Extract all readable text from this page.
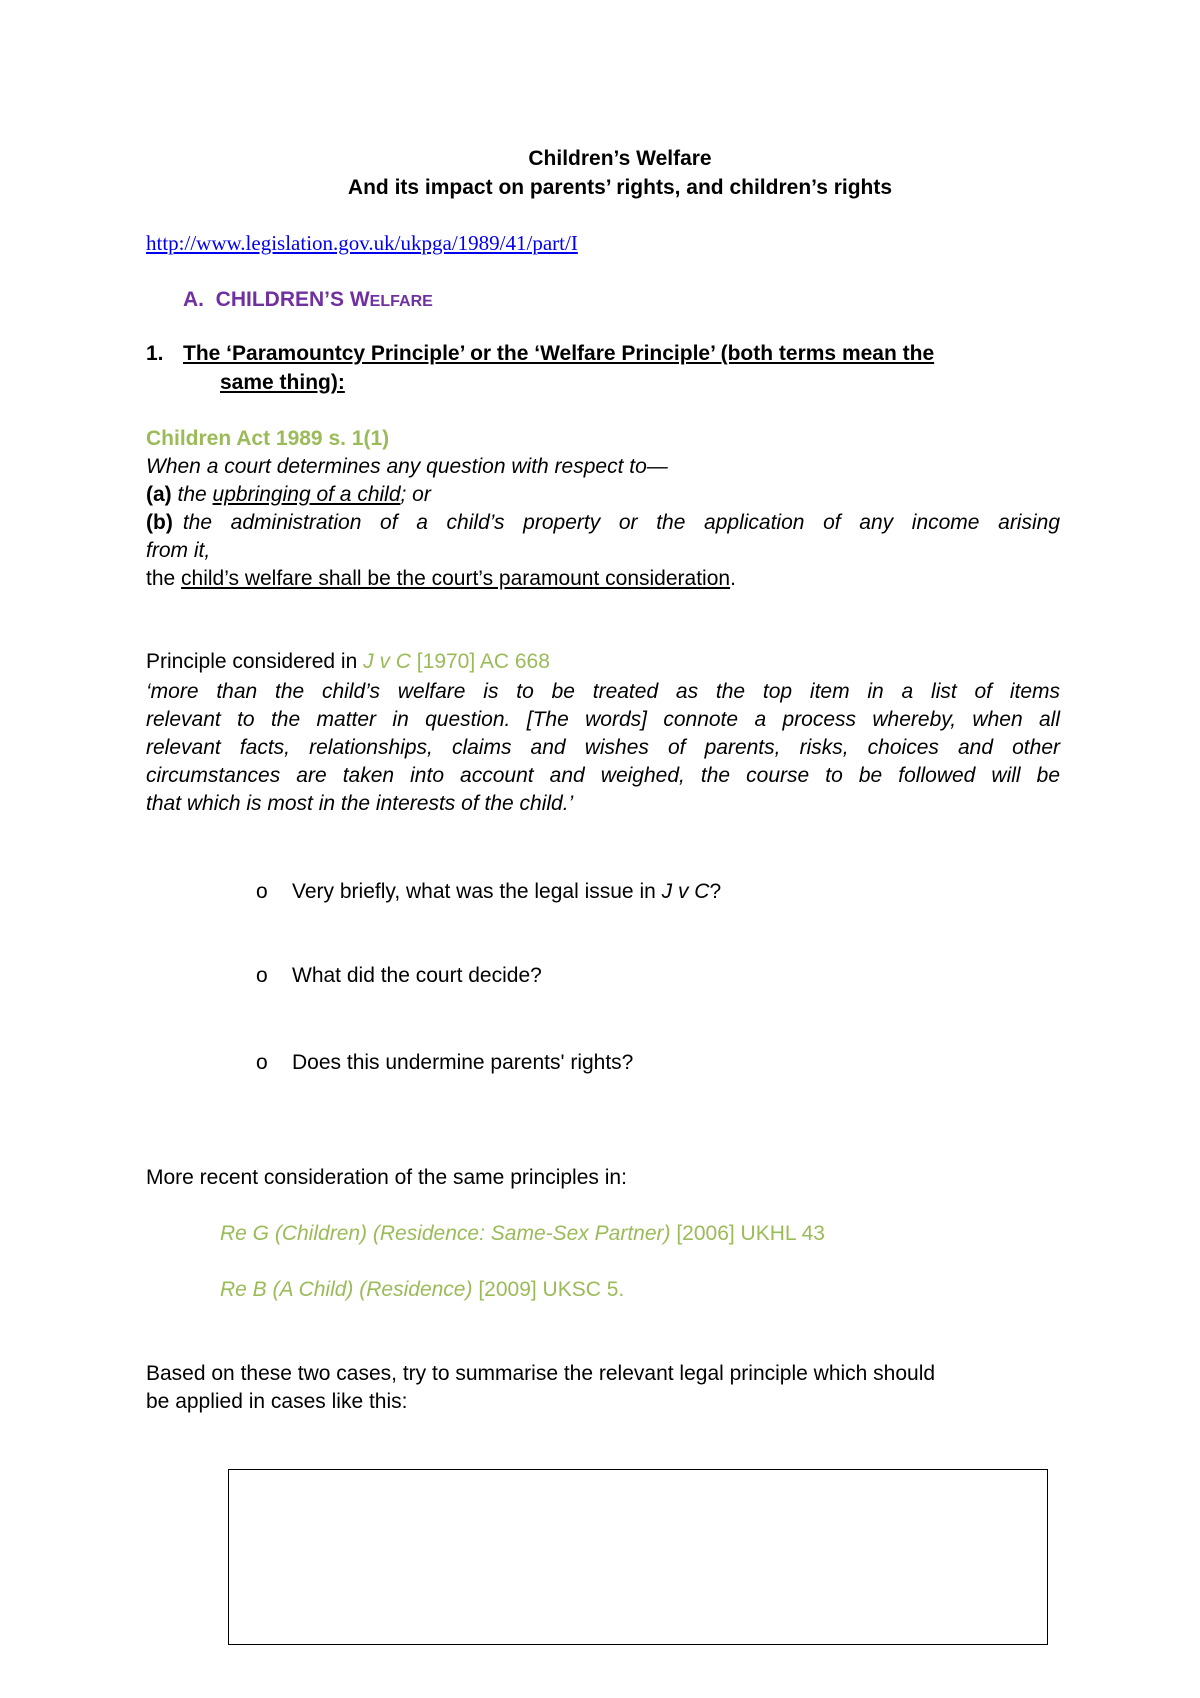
Children’s Welfare
And its impact on parents’ rights, and children’s rights
http://www.legislation.gov.uk/ukpga/1989/41/part/I
A. CHILDREN’S WELFARE
1. The ‘Paramountcy Principle’ or the ‘Welfare Principle’ (both terms mean the
same thing):
Children Act 1989 s. 1(1)
When a court determines any question with respect to—
(a) the upbringing of a child; or
(b) the administration of a child’s property or the application of any income arising
from it,
the child’s welfare shall be the court’s paramount consideration.
Principle considered in J v C [1970] AC 668
‘more than the child’s welfare is to be treated as the top item in a list of items
relevant to the matter in question. [The words] connote a process whereby, when all
relevant facts, relationships, claims and wishes of parents, risks, choices and other
circumstances are taken into account and weighed, the course to be followed will be
that which is most in the interests of the child.’
o Very briefly, what was the legal issue in J v C?
o What did the court decide?
o Does this undermine parents' rights?
More recent consideration of the same principles in:
Re G (Children) (Residence: Same-Sex Partner) [2006] UKHL 43
Re B (A Child) (Residence) [2009] UKSC 5.
Based on these two cases, try to summarise the relevant legal principle which should
be applied in cases like this:
